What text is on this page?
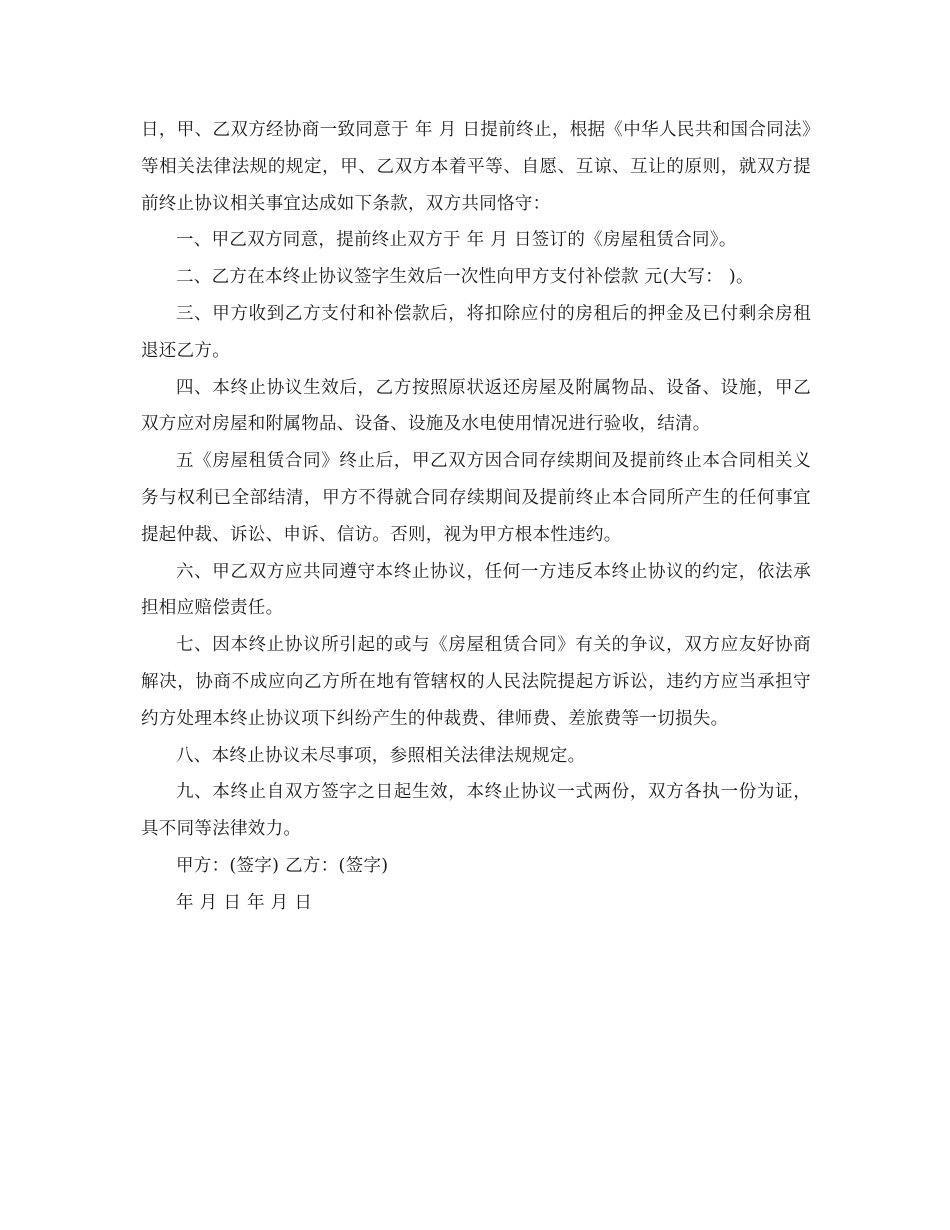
日，甲、乙双方经协商一致同意于 年 月 日提前终止，根据《中华人民共和国合同法》等相关法律法规的规定，甲、乙双方本着平等、自愿、互谅、互让的原则，就双方提前终止协议相关事宜达成如下条款，双方共同恪守：

一、甲乙双方同意，提前终止双方于 年 月 日签订的《房屋租赁合同》。

二、乙方在本终止协议签字生效后一次性向甲方支付补偿款 元(大写： )。

三、甲方收到乙方支付和补偿款后，将扣除应付的房租后的押金及已付剩余房租退还乙方。

四、本终止协议生效后，乙方按照原状返还房屋及附属物品、设备、设施，甲乙双方应对房屋和附属物品、设备、设施及水电使用情况进行验收，结清。

五《房屋租赁合同》终止后，甲乙双方因合同存续期间及提前终止本合同相关义务与权利已全部结清，甲方不得就合同存续期间及提前终止本合同所产生的任何事宜提起仲裁、诉讼、申诉、信访。否则，视为甲方根本性违约。

六、甲乙双方应共同遵守本终止协议，任何一方违反本终止协议的约定，依法承担相应赔偿责任。

七、因本终止协议所引起的或与《房屋租赁合同》有关的争议，双方应友好协商解决，协商不成应向乙方所在地有管辖权的人民法院提起方诉讼，违约方应当承担守约方处理本终止协议项下纠纷产生的仲裁费、律师费、差旅费等一切损失。

八、本终止协议未尽事项，参照相关法律法规规定。

九、本终止自双方签字之日起生效，本终止协议一式两份，双方各执一份为证，具不同等法律效力。

甲方：(签字) 乙方：(签字)

年 月 日 年 月 日
